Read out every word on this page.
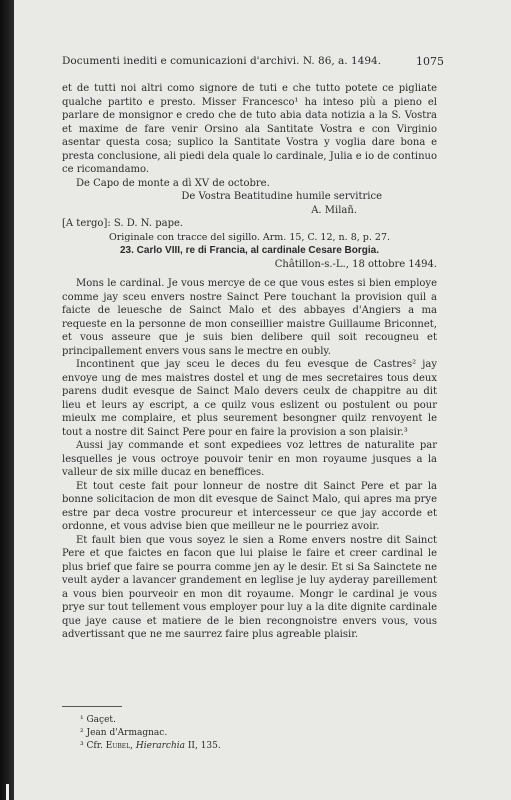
Documenti inediti e comunicazioni d'archivi. N. 86, a. 1494.	1075

et de tutti noi altri como signore de tuti e che tutto potete ce pigliate qualche partito e presto. Misser Francesco¹ ha inteso più a pieno el parlare de monsignor e credo che de tuto abia data notizia a la S. Vostra et maxime de fare venir Orsino ala Santitate Vostra e con Virginio asentar questa cosa; suplico la Santitate Vostra y voglia dare bona e presta conclusione, ali piedi dela quale lo cardinale, Julia e io de continuo ce ricomandamo.

De Capo de monte a dì XV de octobre.

De Vostra Beatitudine humile servitrice

A. Milañ.

[A tergo]: S. D. N. pape.

Originale con tracce del sigillo. Arm. 15, C. 12, n. 8, p. 27.

23. Carlo VIII, re di Francia, al cardinale Cesare Borgia.

Châtillon-s.-L., 18 ottobre 1494.

Mons le cardinal. Je vous mercye de ce que vous estes si bien employe comme jay sceu envers nostre Sainct Pere touchant la provision quil a faicte de leuesche de Sainct Malo et des abbayes d'Angiers a ma requeste en la personne de mon conseillier maistre Guillaume Briconnet, et vous asseure que je suis bien delibere quil soit recougneu et principallement envers vous sans le mectre en oubly.

Incontinent que jay sceu le deces du feu evesque de Castres² jay envoye ung de mes maistres dostel et ung de mes secretaires tous deux parens dudit evesque de Sainct Malo devers ceulx de chappitre au dit lieu et leurs ay escript, a ce quilz vous eslizent ou postulent ou pour mieulx me complaire, et plus seurement besongner quilz renvoyent le tout a nostre dit Sainct Pere pour en faire la provision a son plaisir.³

Aussi jay commande et sont expediees voz lettres de naturalite par lesquelles je vous octroye pouvoir tenir en mon royaume jusques a la valleur de six mille ducaz en beneffices.

Et tout ceste fait pour lonneur de nostre dit Sainct Pere et par la bonne solicitacion de mon dit evesque de Sainct Malo, qui apres ma prye estre par deca vostre procureur et intercesseur ce que jay accorde et ordonne, et vous advise bien que meilleur ne le pourriez avoir.

Et fault bien que vous soyez le sien a Rome envers nostre dit Sainct Pere et que faictes en facon que lui plaise le faire et creer cardinal le plus brief que faire se pourra comme jen ay le desir. Et si Sa Sainctete ne veult ayder a lavancer grandement en leglise je luy ayderay pareillement a vous bien pourveoir en mon dit royaume. Mongr le cardinal je vous prye sur tout tellement vous employer pour luy a la dite dignite cardinale que jaye cause et matiere de le bien recongnoistre envers vous, vous advertissant que ne me saurrez faire plus agreable plaisir.

¹ Gaçet.
² Jean d'Armagnac.
³ Cfr. Eubel, Hierarchia II, 135.
